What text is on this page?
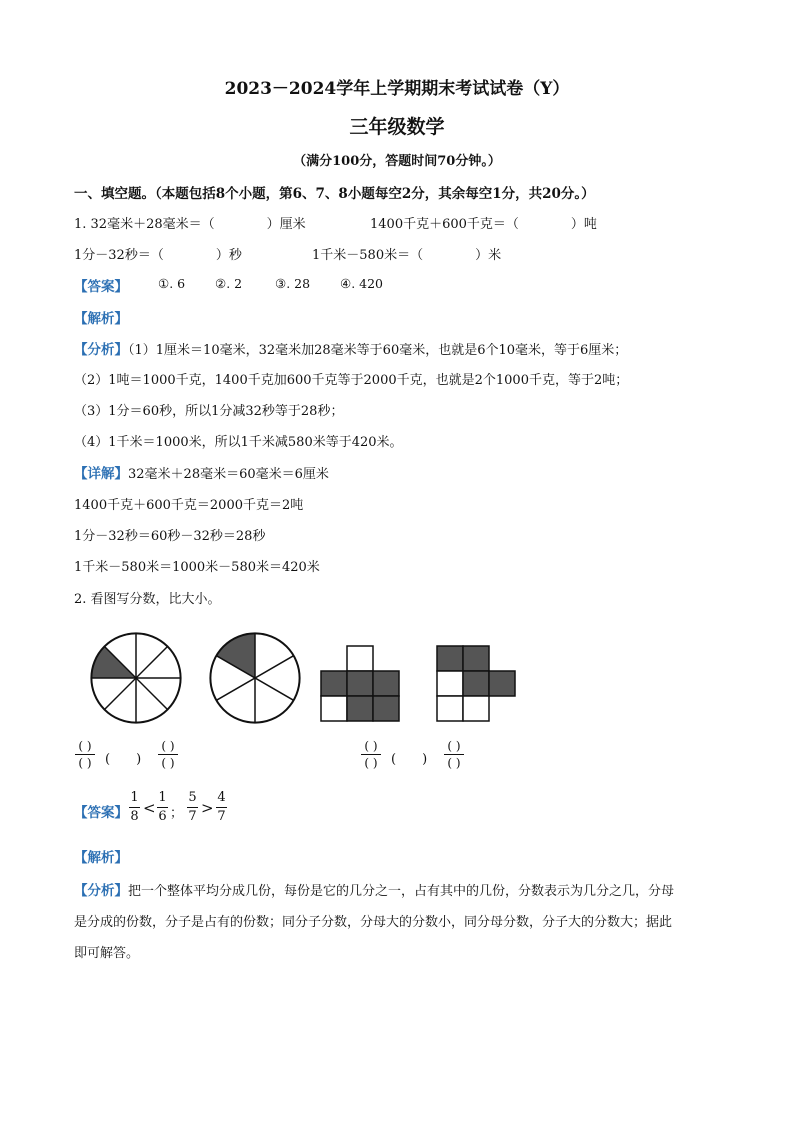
2023－2024学年上学期期末考试试卷（Y）
三年级数学
（满分100分，答题时间70分钟。）
一、填空题。（本题包括8个小题，第6、7、8小题每空2分，其余每空1分，共20分。）
1. 32毫米＋28毫米＝（　　　　）厘米	1400千克＋600千克＝（　　　　）吨
1分－32秒＝（　　　　）秒	1千米－580米＝（　　　　）米
【答案】 ①. 6 ②. 2	③. 28 ④. 420
【解析】
【分析】（1）1厘米＝10毫米，32毫米加28毫米等于60毫米，也就是6个10毫米，等于6厘米；
（2）1吨＝1000千克，1400千克加600千克等于2000千克，也就是2个1000千克，等于2吨；
（3）1分＝60秒，所以1分减32秒等于28秒；
（4）1千米＝1000米，所以1千米减580米等于420米。
【详解】32毫米＋28毫米＝60毫米＝6厘米
1400千克＋600千克＝2000千克＝2吨
1分－32秒＝60秒－32秒＝28秒
1千米－580米＝1000米－580米＝420米
2. 看图写分数，比大小。
( )
( ) (　　)
( )
( )
( )
( ) (　　)
( )
( )
【答案】
1
8 <
1
6 ；
5
7 >
4
7
【解析】
【分析】把一个整体平均分成几份，每份是它的几分之一，占有其中的几份，分数表示为几分之几，分母
是分成的份数，分子是占有的份数；同分子分数，分母大的分数小，同分母分数，分子大的分数大；据此
即可解答。
